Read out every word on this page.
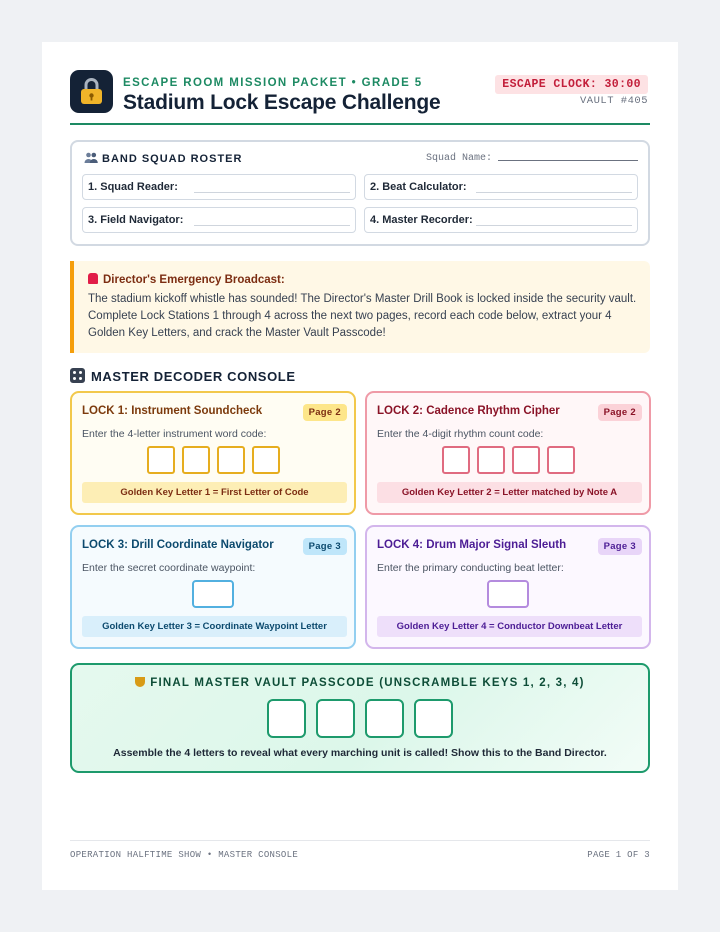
ESCAPE ROOM MISSION PACKET • GRADE 5
Stadium Lock Escape Challenge
ESCAPE CLOCK: 30:00
VAULT #405
BAND SQUAD ROSTER	Squad Name:
1. Squad Reader:	2. Beat Calculator:
3. Field Navigator:	4. Master Recorder:
Director's Emergency Broadcast:
The stadium kickoff whistle has sounded! The Director's Master Drill Book is locked inside the security vault. Complete Lock Stations 1 through 4 across the next two pages, record each code below, extract your 4 Golden Key Letters, and crack the Master Vault Passcode!
MASTER DECODER CONSOLE
LOCK 1: Instrument Soundcheck	Page 2
Enter the 4-letter instrument word code:
Golden Key Letter 1 = First Letter of Code
LOCK 2: Cadence Rhythm Cipher	Page 2
Enter the 4-digit rhythm count code:
Golden Key Letter 2 = Letter matched by Note A
LOCK 3: Drill Coordinate Navigator	Page 3
Enter the secret coordinate waypoint:
Golden Key Letter 3 = Coordinate Waypoint Letter
LOCK 4: Drum Major Signal Sleuth	Page 3
Enter the primary conducting beat letter:
Golden Key Letter 4 = Conductor Downbeat Letter
FINAL MASTER VAULT PASSCODE (UNSCRAMBLE KEYS 1, 2, 3, 4)
Assemble the 4 letters to reveal what every marching unit is called! Show this to the Band Director.
OPERATION HALFTIME SHOW • MASTER CONSOLE	PAGE 1 OF 3
